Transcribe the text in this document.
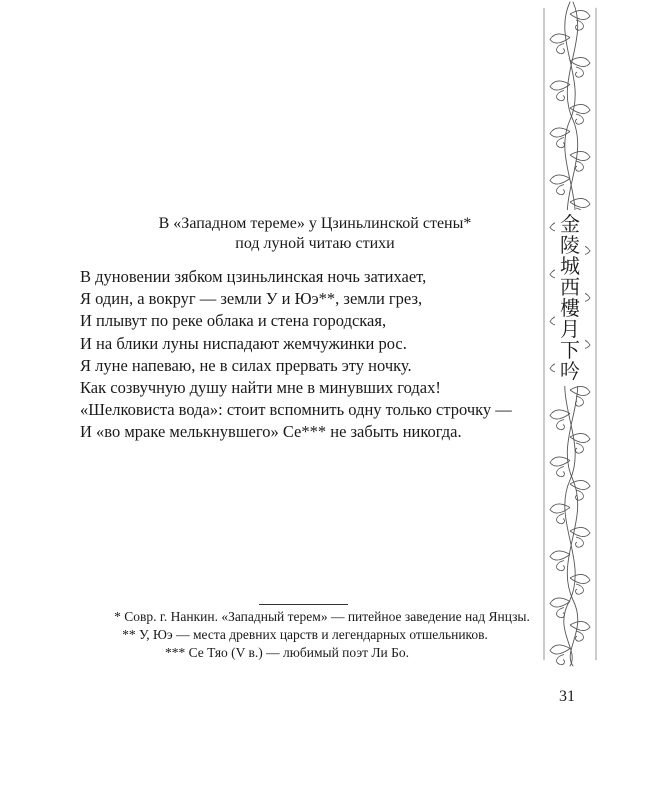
В «Западном тереме» у Цзиньлинской стены*
под луной читаю стихи
В дуновении зябком цзиньлинская ночь затихает,
Я один, а вокруг — земли У и Юэ**, земли грез,
И плывут по реке облака и стена городская,
И на блики луны ниспадают жемчужинки рос.
Я луне напеваю, не в силах прервать эту ночку.
Как созвучную душу найти мне в минувших годах!
«Шелковиста вода»: стоит вспомнить одну только строчку —
И «во мраке мелькнувшего» Се*** не забыть никогда.
* Совр. г. Нанкин. «Западный терем» — питейное заведение над Янцзы.
** У, Юэ — места древних царств и легендарных отшельников.
*** Се Тяо (V в.) — любимый поэт Ли Бо.
金
陵
城
西
樓
月
下
吟
31
